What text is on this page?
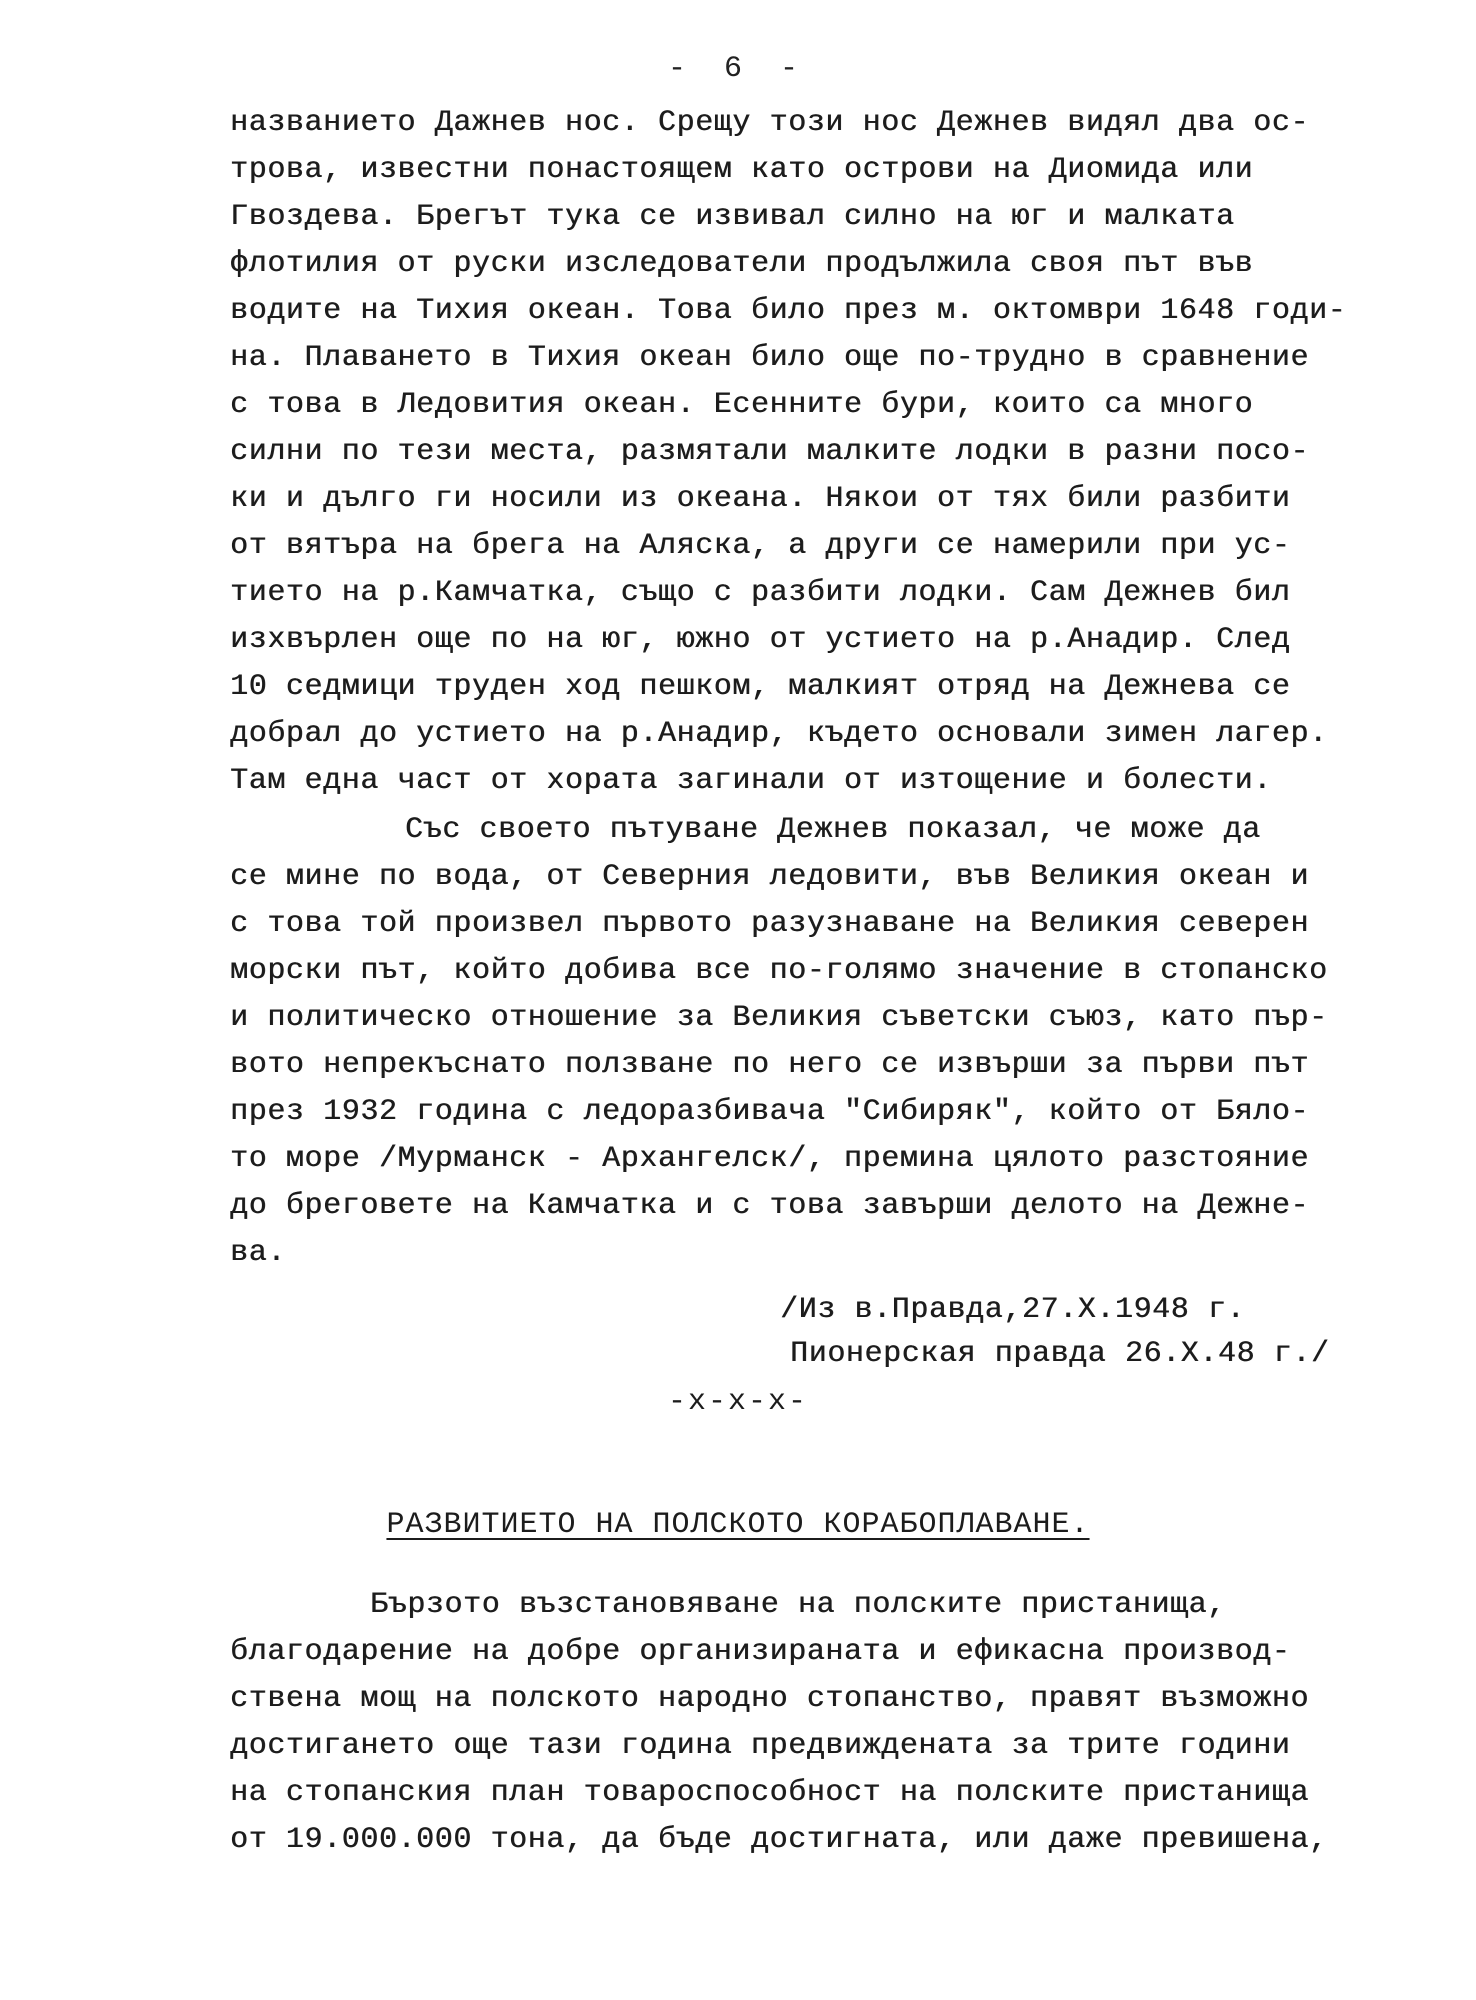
- 6 -
названието Дажнев нос. Срещу този нос Дежнев видял два ос-
трова, известни понастоящем като острови на Диомида или
Гвоздева. Брегът тука се извивал силно на юг и малката
флотилия от руски изследователи продължила своя път във
водите на Тихия океан. Това било през м. октомври 1648 годи-
на. Плаването в Тихия океан било още по-трудно в сравнение
с това в Ледовития океан. Есенните бури, които са много
силни по тези места, размятали малките лодки в разни посо-
ки и дълго ги носили из океана. Някои от тях били разбити
от вятъра на брега на Аляска, а други се намерили при ус-
тието на р.Камчатка, също с разбити лодки. Сам Дежнев бил
изхвърлен още по на юг, южно от устието на р.Анадир. След
10 седмици труден ход пешком, малкият отряд на Дежнева се
добрал до устието на р.Анадир, където основали зимен лагер.
Там една част от хората загинали от изтощение и болести.
Със своето пътуване Дежнев показал, че може да
се мине по вода, от Северния ледовити, във Великия океан и
с това той произвел първото разузнаване на Великия северен
морски път, който добива все по-голямо значение в стопанско
и политическо отношение за Великия съветски съюз, като пър-
вото непрекъснато ползване по него се извърши за първи път
през 1932 година с ледоразбивача "Сибиряк", който от Бяло-
то море /Мурманск - Архангелск/, премина цялото разстояние
до бреговете на Камчатка и с това завърши делото на Дежне-
ва.
/Из в.Правда,27.X.1948 г.
Пионерская правда 26.X.48 г./
-x-x-x-
РАЗВИТИЕТО НА ПОЛСКОТО КОРАБОПЛАВАНЕ.
Бързото възстановяване на полските пристанища,
благодарение на добре организираната и ефикасна производ-
ствена мощ на полското народно стопанство, правят възможно
достигането още тази година предвиждената за трите години
на стопанския план товароспособност на полските пристанища
от 19.000.000 тона, да бъде достигната, или даже превишена,
